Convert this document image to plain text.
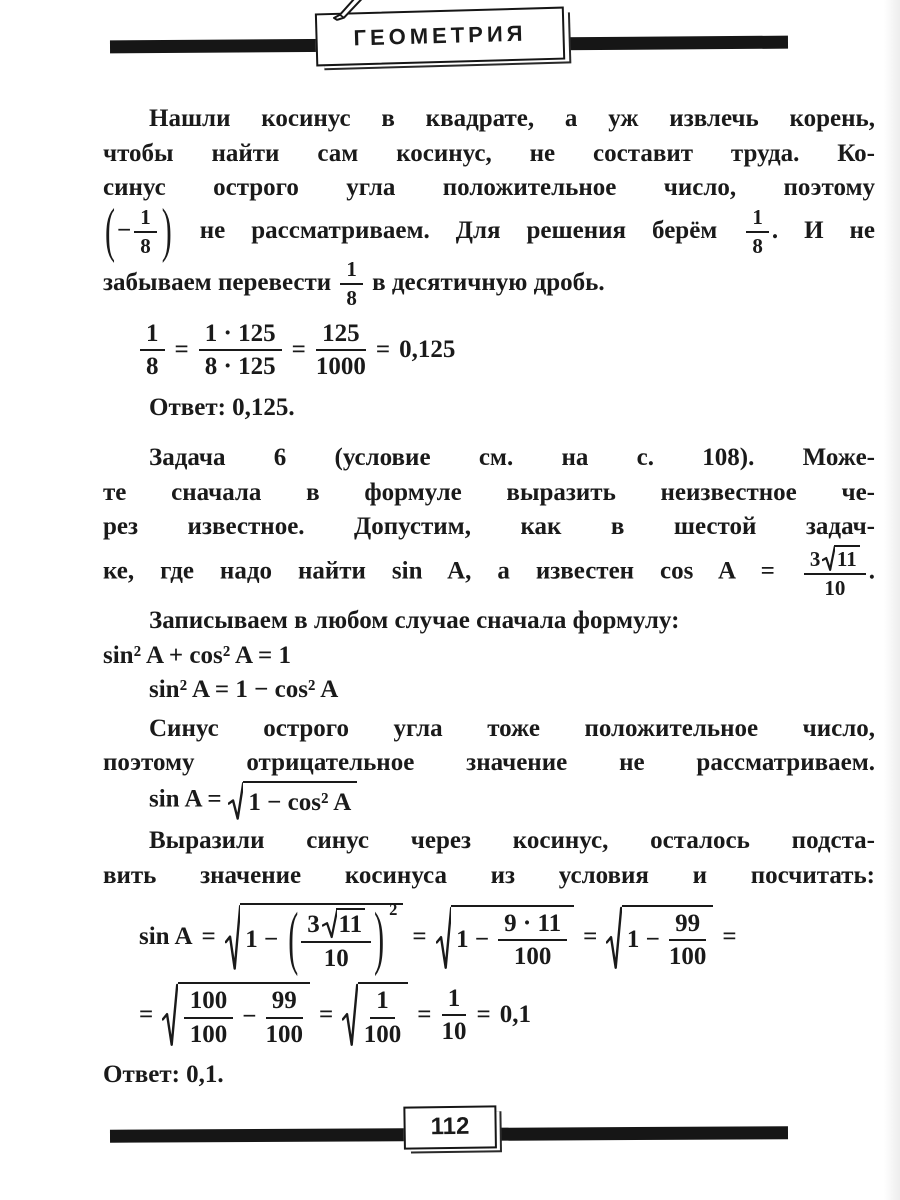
ГЕОМЕТРИЯ
Нашли косинус в квадрате, а уж извлечь корень,
чтобы найти сам косинус, не составит труда. Ко-
синус острого угла положительное число, поэтому
( − $\frac{1}{8}$ ) не рассматриваем. Для решения берём $\frac{1}{8}$ . И не
забываем перевести $\frac{1}{8}$ в десятичную дробь.
$\frac{1}{8} = \frac{1 \cdot 125}{8 \cdot 125} = \frac{125}{1000} = 0,125$
Ответ: 0,125.
Задача 6 (условие см. на с. 108). Може-
те сначала в формуле выразить неизвестное че-
рез известное. Допустим, как в шестой задач-
ке, где надо найти sin A, а известен $\cos A = \frac{3 11}{10}$ .
Записываем в любом случае сначала формулу:
sin² A + cos² A = 1
sin² A = 1 − cos² A
Синус острого угла тоже положительное число,
поэтому отрицательное значение не рассматриваем.
sin A = 1 − cos² A
Выразили синус через косинус, осталось подста-
вить значение косинуса из условия и посчитать:
sin A = 1 − ( $\frac{3 11}{10}$ ) 2
= $1 - \frac{9 \cdot 11}{100} = 1 - \frac{99}{100}$ =
= $\frac{100}{100} - \frac{99}{100} = \frac{1}{100} = \frac{1}{10} = 0,1$
Ответ: 0,1.
112
